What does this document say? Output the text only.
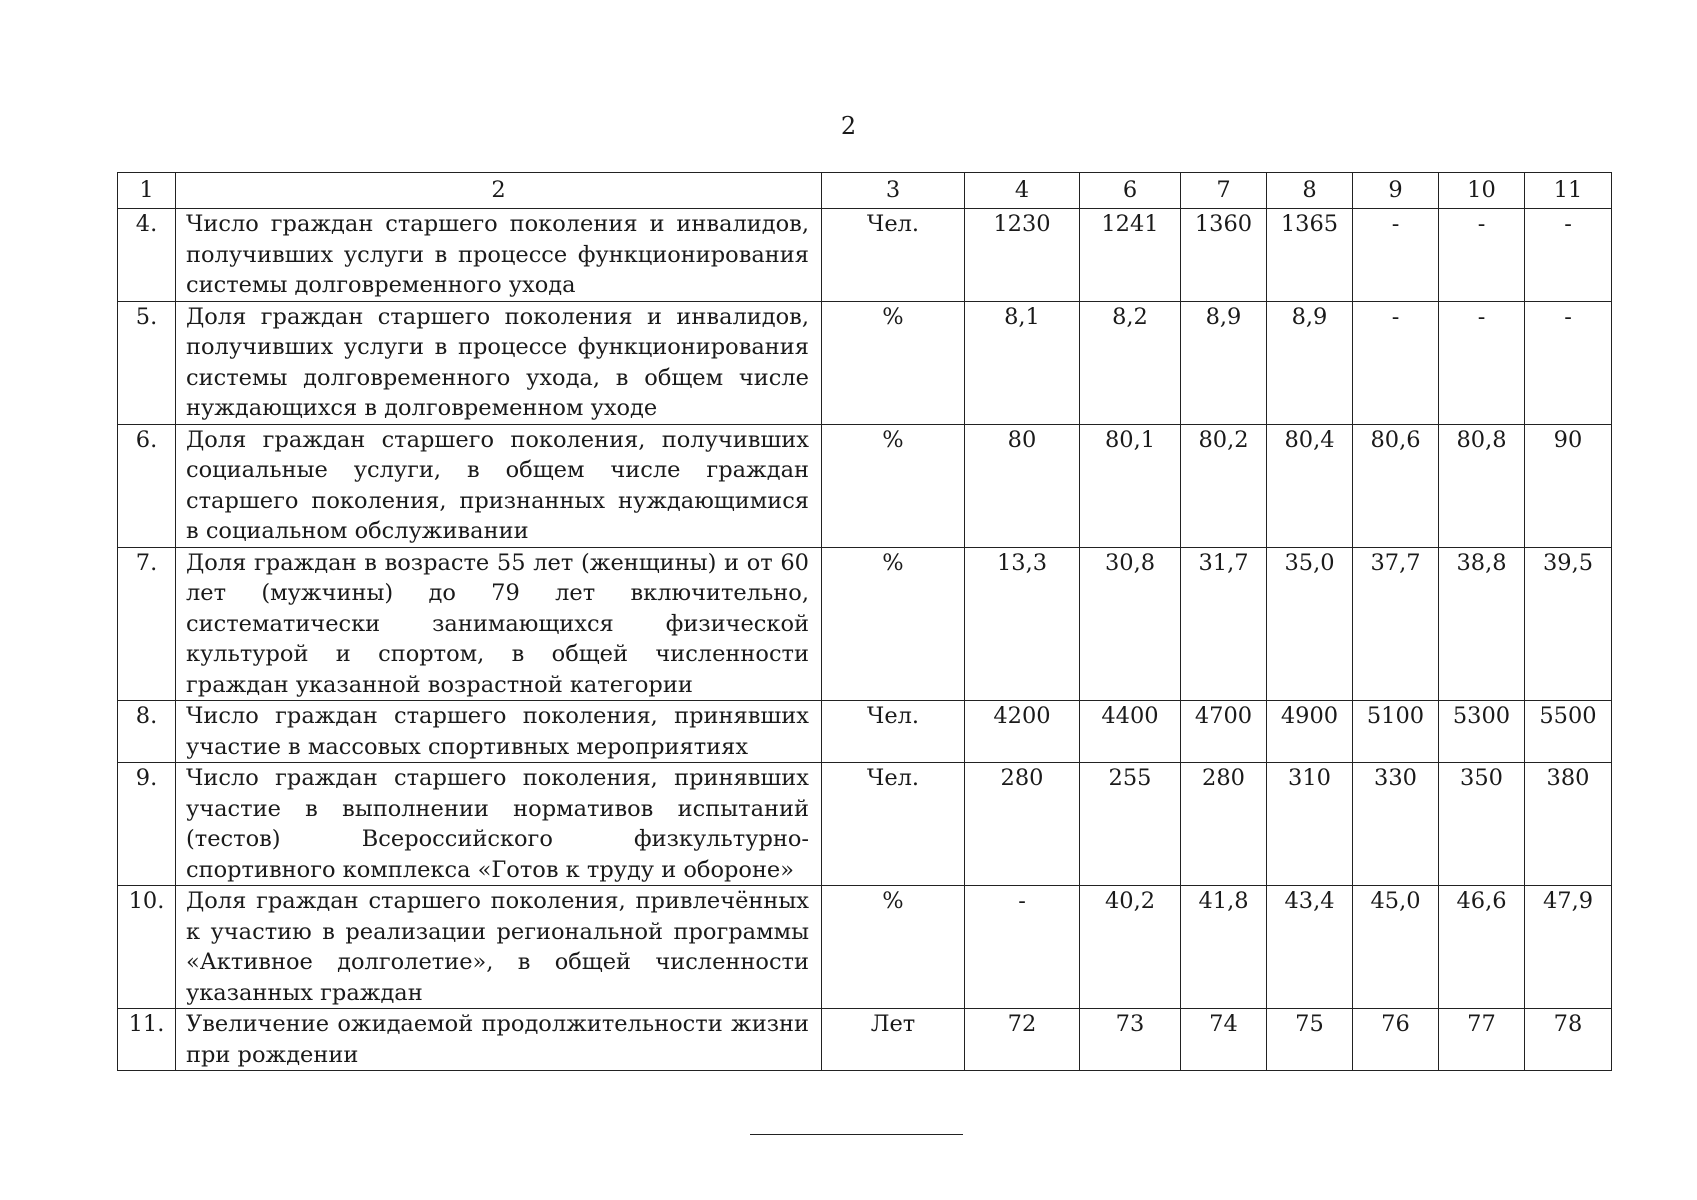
2
1	2	3	4	6	7	8	9	10	11
4.	Число граждан старшего поколения и инвалидов, получивших услуги в процессе функционирования системы долговременного ухода	Чел.	1230	1241	1360	1365	-	-	-
5.	Доля граждан старшего поколения и инвалидов, получивших услуги в процессе функционирования системы долговременного ухода, в общем числе нуждающихся в долговременном уходе	%	8,1	8,2	8,9	8,9	-	-	-
6.	Доля граждан старшего поколения, получивших социальные услуги, в общем числе граждан старшего поколения, признанных нуждающимися в социальном обслуживании	%	80	80,1	80,2	80,4	80,6	80,8	90
7.	Доля граждан в возрасте 55 лет (женщины) и от 60 лет (мужчины) до 79 лет включительно, систематически занимающихся физической культурой и спортом, в общей численности граждан указанной возрастной категории	%	13,3	30,8	31,7	35,0	37,7	38,8	39,5
8.	Число граждан старшего поколения, принявших участие в массовых спортивных мероприятиях	Чел.	4200	4400	4700	4900	5100	5300	5500
9.	Число граждан старшего поколения, принявших участие в выполнении нормативов испытаний (тестов) Всероссийского физкультурно-спортивного комплекса «Готов к труду и обороне»	Чел.	280	255	280	310	330	350	380
10.	Доля граждан старшего поколения, привлечённых к участию в реализации региональной программы «Активное долголетие», в общей численности указанных граждан	%	-	40,2	41,8	43,4	45,0	46,6	47,9
11.	Увеличение ожидаемой продолжительности жизни при рождении	Лет	72	73	74	75	76	77	78
